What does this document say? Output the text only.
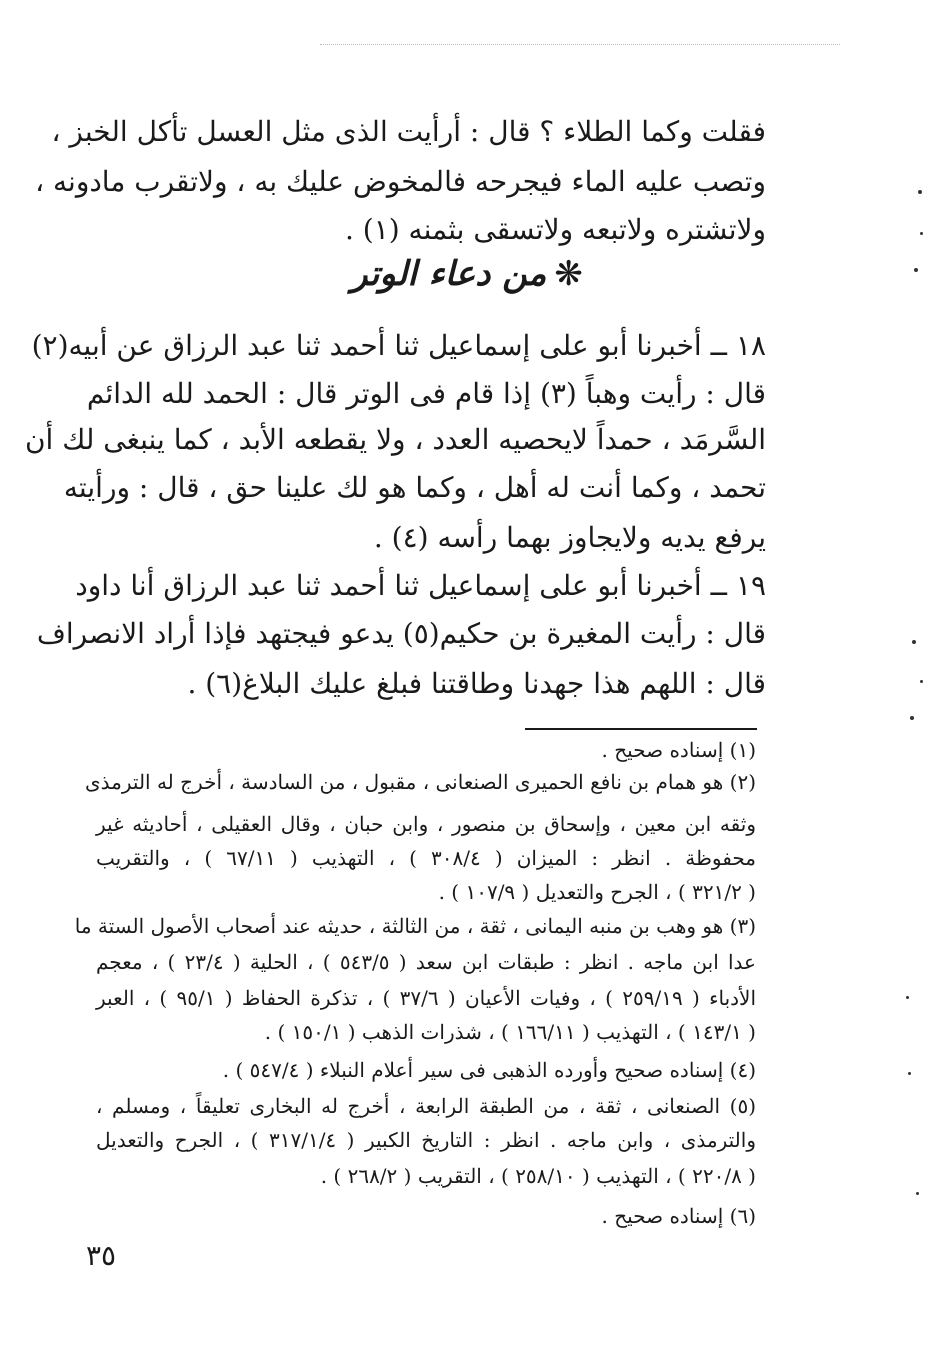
فقلت وكما الطلاء ؟ قال : أرأيت الذى مثل العسل تأكل الخبز ،
وتصب عليه الماء فيجرحه فالمخوض عليك به ، ولاتقرب مادونه ،
ولاتشتره ولاتبعه ولاتسقى بثمنه (١) .
❋من دعاء الوتر
١٨ ــ أخبرنا أبو على إسماعيل ثنا أحمد ثنا عبد الرزاق عن أبيه(٢)
قال : رأيت وهباً (٣) إذا قام فى الوتر قال : الحمد لله الدائم
السَّرمَد ، حمداً لايحصيه العدد ، ولا يقطعه الأبد ، كما ينبغى لك أن
تحمد ، وكما أنت له أهل ، وكما هو لك علينا حق ، قال : ورأيته
يرفع يديه ولايجاوز بهما رأسه (٤) .
١٩ ــ أخبرنا أبو على إسماعيل ثنا أحمد ثنا عبد الرزاق أنا داود
قال : رأيت المغيرة بن حكيم(٥) يدعو فيجتهد فإذا أراد الانصراف
قال : اللهم هذا جهدنا وطاقتنا فبلغ عليك البلاغ(٦) .
(١) إسناده صحيح .
(٢) هو همام بن نافع الحميرى الصنعانى ، مقبول ، من السادسة ، أخرج له الترمذى
وثقه ابن معين ، وإسحاق بن منصور ، وابن حبان ، وقال العقيلى ، أحاديثه غير
محفوظة . انظر : الميزان ( ٣٠٨/٤ ) ، التهذيب ( ٦٧/١١ ) ، والتقريب
( ٣٢١/٢ ) ، الجرح والتعديل ( ١٠٧/٩ ) .
(٣) هو وهب بن منبه اليمانى ، ثقة ، من الثالثة ، حديثه عند أصحاب الأصول الستة ما
عدا ابن ماجه . انظر : طبقات ابن سعد ( ٥٤٣/٥ ) ، الحلية ( ٢٣/٤ ) ، معجم
الأدباء ( ٢٥٩/١٩ ) ، وفيات الأعيان ( ٣٧/٦ ) ، تذكرة الحفاظ ( ٩٥/١ ) ، العبر
( ١٤٣/١ ) ، التهذيب ( ١٦٦/١١ ) ، شذرات الذهب ( ١٥٠/١ ) .
(٤) إسناده صحيح وأورده الذهبى فى سير أعلام النبلاء ( ٥٤٧/٤ ) .
(٥) الصنعانى ، ثقة ، من الطبقة الرابعة ، أخرج له البخارى تعليقاً ، ومسلم ،
والترمذى ، وابن ماجه . انظر : التاريخ الكبير ( ٣١٧/١/٤ ) ، الجرح والتعديل
( ٢٢٠/٨ ) ، التهذيب ( ٢٥٨/١٠ ) ، التقريب ( ٢٦٨/٢ ) .
(٦) إسناده صحيح .
٣٥
